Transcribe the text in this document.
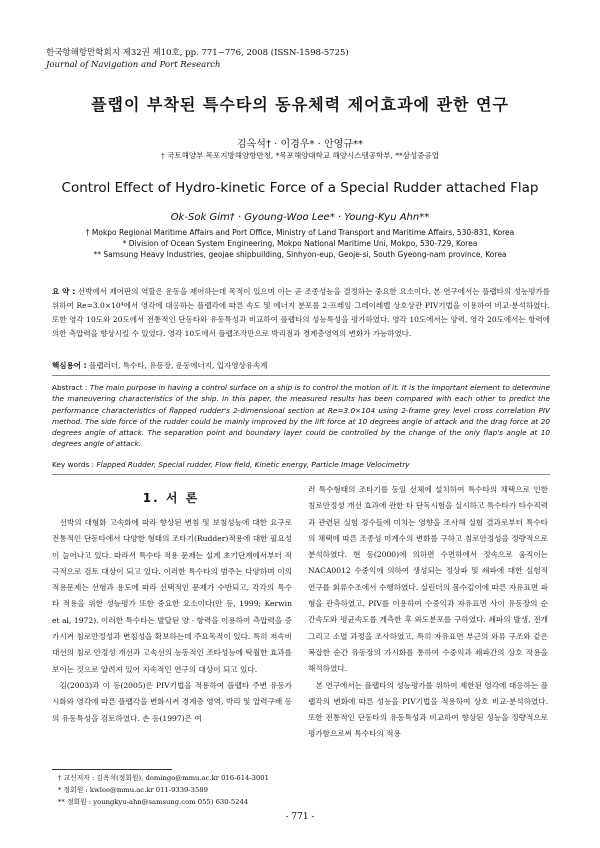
한국항해항만학회지 제32권 제10호, pp. 771~776, 2008 (ISSN-1598-5725)
Journal of Navigation and Port Research
플랩이 부착된 특수타의 동유체력 제어효과에 관한 연구
김옥석† · 이경우* · 안영규**
† 국토해양부 목포지방해양항만청, *목포해양대학교 해양시스템공학부, **삼성중공업
Control Effect of Hydro-kinetic Force of a Special Rudder attached Flap
Ok-Sok Gim† · Gyoung-Woo Lee* · Young-Kyu Ahn**
† Mokpo Regional Maritime Affairs and Port Office, Ministry of Land Transport and Maritime Affairs, 530-831, Korea
* Division of Ocean System Engineering, Mokpo National Maritime Uni, Mokpo, 530-729, Korea
** Samsung Heavy Industries, geojae shipbuilding, Sinhyon-eup, Geoje-si, South Gyeong-nam province, Korea
요 약 : 선박에서 제어판의 역할은 운동을 제어하는데 목적이 있으며 이는 곧 조종성능을 결정하는 중요한 요소이다. 본 연구에서는 플랩타의 성능평가를 위하여 Re=3.0×10⁴에서 영각에 대응하는 플랩각에 따른 속도 및 에너지 분포를 2-프레임 그레이레벨 상호상관 PIV기법을 이용하여 비교·분석하였다. 또한 영각 10도와 20도에서 전통적인 단동타와 유동특성과 비교하여 플랩타의 성능특성을 평가하였다. 영각 10도에서는 양력, 영각 20도에서는 항력에 의한 측압력을 향상시킬 수 있었다. 영각 10도에서 플랩조작만으로 박리점과 경계층영역의 변화가 가능하였다.
핵심용어 : 플랩러더, 특수타, 유동장, 운동에너지, 입자영상유속계
Abstract : The main purpose in having a control surface on a ship is to control the motion of it. It is the important element to determine the maneuvering characteristics of the ship. In this paper, the measured results has been compared with each other to predict the performance characteristics of flapped rudder's 2-dimensional section at Re=3.0×104 using 2-frame grey level cross correlation PIV method. The side force of the rudder could be mainly improved by the lift force at 10 degrees angle of attack and the drag force at 20 degrees angle of attack. The separation point and boundary layer could be controlled by the change of the only flap's angle at 10 degrees angle of attack.
Key words : Flapped Rudder, Special rudder, Flow field, Kinetic energy, Particle Image Velocimetry
1. 서 론

선박의 대형화 고속화에 따라 향상된 변침 및 보침성능에 대한 요구로 전통적인 단동타에서 다양한 형태의 조타기(Rudder)적용에 대한 필요성이 늘어나고 있다. 따라서 특수타 적용 문제는 설계 초기단계에서부터 적극적으로 검토 대상이 되고 있다. 이러한 특수타의 범주는 다양하며 이의 적용문제는 선형과 용도에 따라 선택적인 문제가 수반되고, 각각의 특수타 적용을 위한 성능평가 또한 중요한 요소이다(안 등, 1999; Kerwin et al, 1972). 이러한 특수타는 발달된 양 · 항력을 이용하여 측압력을 증가시켜 침로안정성과 변침성을 확보하는데 주요목적이 있다. 특히 저속비대선의 침로 안정성 개선과 고속선의 능동적인 조타성능에 탁월한 효과를 보이는 것으로 알려져 있어 지속적인 연구의 대상이 되고 있다.

김(2003)과 이 등(2005)은 PIV기법을 적용하여 플랩타 주변 유동가시화와 영각에 따른 플랩각을 변화시켜 경계층 영역, 박리 및 압력구배 등의 유동특성을 검토하였다. 손 등(1997)은 여

러 특수형태의 조타기를 동일 선체에 설치하여 특수타의 채택으로 인한 침로안정성 개선 효과에 관한 타 단독시험을 실시하고 특수타가 타수직력과 관련된 실험 정수들에 미치는 영향을 조사해 실험 결과로부터 특수타의 채택에 따른 조종성 미계수의 변화를 구하고 침로안정성을 정량적으로 분석하였다. 현 등(2000)에 의하면 수면하에서 정속으로 움직이는 NACA0012 수중익에 의하여 생성되는 정상파 및 쇄파에 대한 실험적 연구를 회류수조에서 수행하였다. 실린더의 몸수깊이에 따른 자유표면 파형을 관측하였고, PIV를 이용하여 수중익과 자유표면 사이 유동장의 순간속도와 평균속도를 계측한 후 와도분포를 구하였다. 쇄파의 발생, 전개 그리고 소멸 과정을 조사하였고, 특히 자유표면 부근의 와류 구조와 같은 복잡한 순간 유동장의 가시화를 통하여 수중익과 쇄파간의 상호 작용을 해석하였다.

본 연구에서는 플랩타의 성능평가를 위하여 제한된 영각에 대응하는 플랩각의 변화에 따른 성능을 PIV기법을 적용하여 상호 비교·분석하였다. 또한 전통적인 단동타의 유동특성과 비교하여 향상된 성능을 정량적으로 평가함으로써 특수타의 적용

† 교신저자 : 김옥석(정회원), domingo@mmu.ac.kr 016-614-3001
* 정회원 : kwlee@mmu.ac.kr 011-9339-3589
** 정회원 : youngkyu-ahn@samsung.com 055) 630-5244
- 771 -
